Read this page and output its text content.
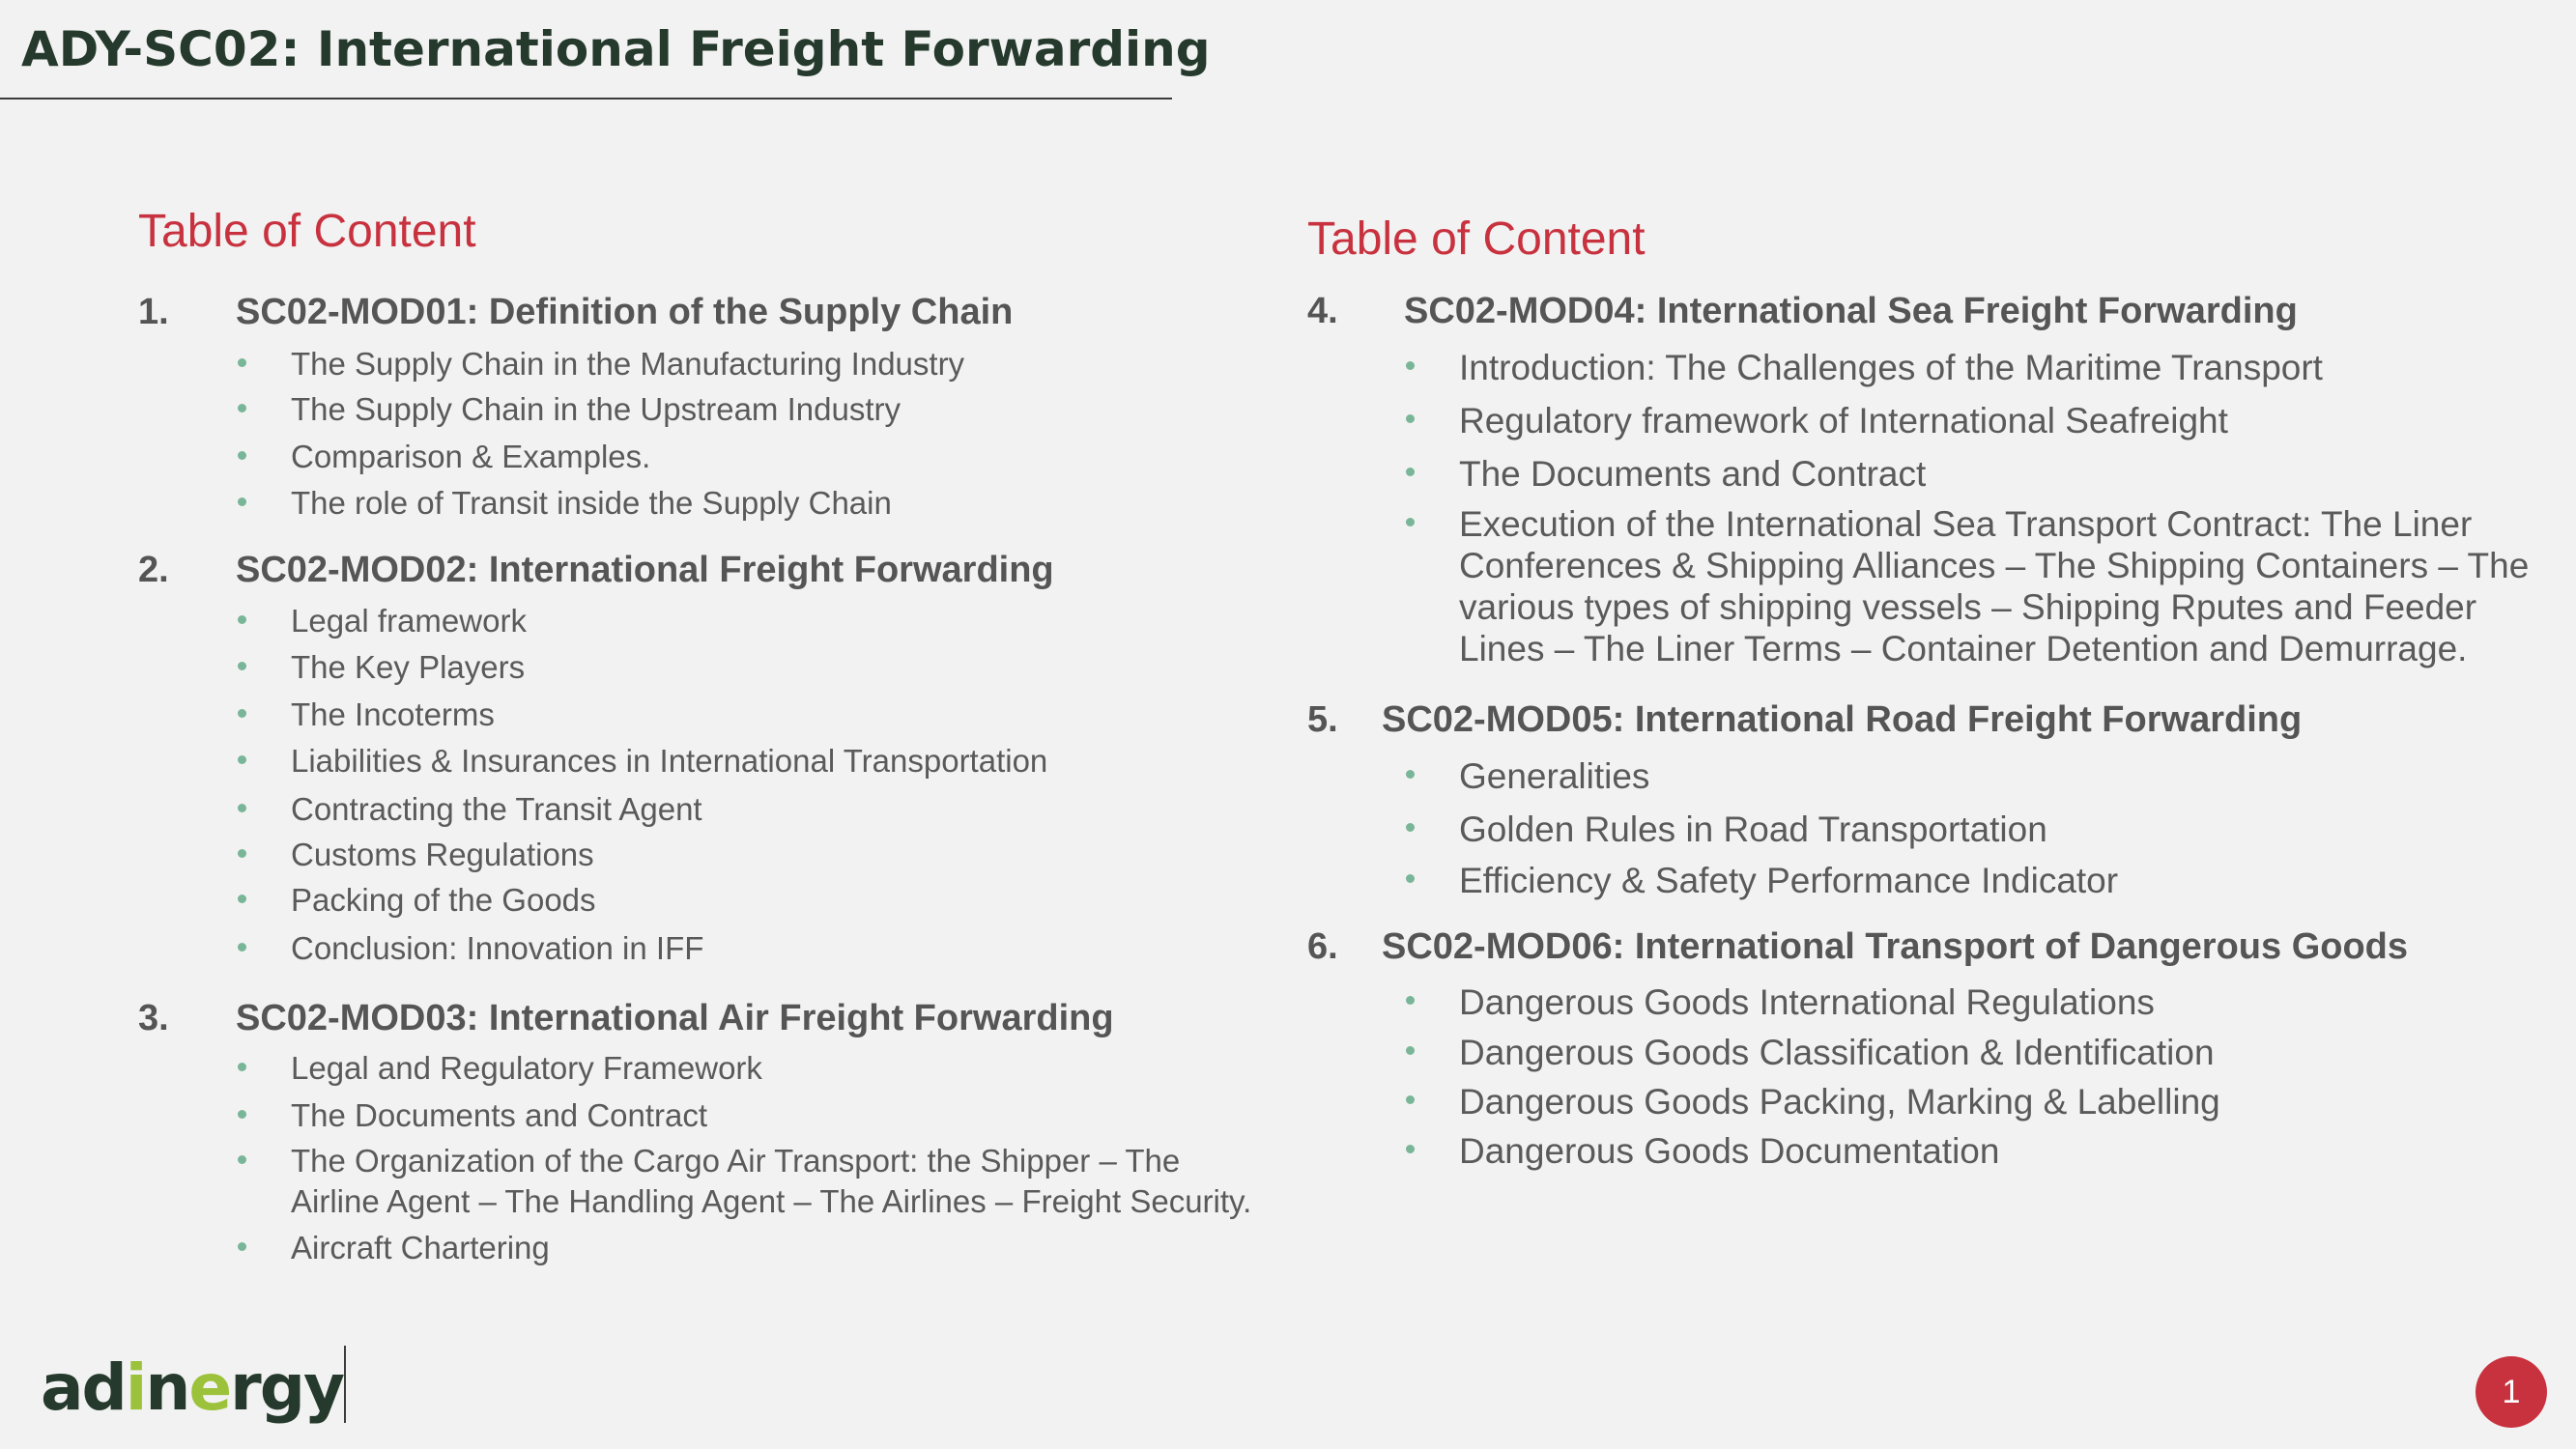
ADY-SC02: International Freight Forwarding
Table of Content
1. SC02-MOD01: Definition of the Supply Chain
The Supply Chain in the Manufacturing Industry
The Supply Chain in the Upstream Industry
Comparison & Examples.
The role of Transit inside the Supply Chain
2. SC02-MOD02: International Freight Forwarding
Legal framework
The Key Players
The Incoterms
Liabilities & Insurances in International Transportation
Contracting the Transit Agent
Customs Regulations
Packing of the Goods
Conclusion: Innovation in IFF
3. SC02-MOD03: International Air Freight Forwarding
Legal and Regulatory Framework
The Documents and Contract
The Organization of the Cargo Air Transport: the Shipper – The
Airline Agent – The Handling Agent – The Airlines – Freight Security.
Aircraft Chartering
Table of Content
4. SC02-MOD04: International Sea Freight Forwarding
Introduction: The Challenges of the Maritime Transport
Regulatory framework of International Seafreight
The Documents and Contract
Execution of the International Sea Transport Contract: The Liner
Conferences & Shipping Alliances – The Shipping Containers – The
various types of shipping vessels – Shipping Rputes and Feeder
Lines – The Liner Terms – Container Detention and Demurrage.
5. SC02-MOD05: International Road Freight Forwarding
Generalities
Golden Rules in Road Transportation
Efficiency & Safety Performance Indicator
6. SC02-MOD06: International Transport of Dangerous Goods
Dangerous Goods International Regulations
Dangerous Goods Classification & Identification
Dangerous Goods Packing, Marking & Labelling
Dangerous Goods Documentation
adinergy	1
